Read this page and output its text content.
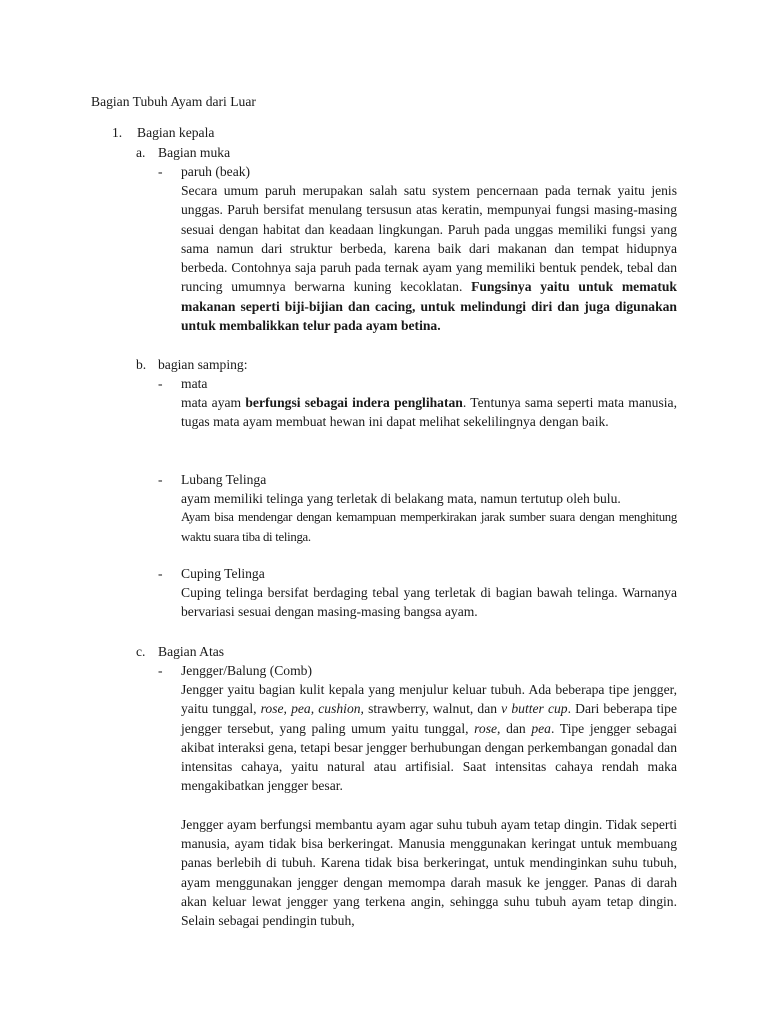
Bagian Tubuh Ayam dari Luar
1. Bagian kepala
a. Bagian muka
- paruh (beak)
Secara umum paruh merupakan salah satu system pencernaan pada ternak yaitu jenis unggas. Paruh bersifat menulang tersusun atas keratin, mempunyai fungsi masing-masing sesuai dengan habitat dan keadaan lingkungan. Paruh pada unggas memiliki fungsi yang sama namun dari struktur berbeda, karena baik dari makanan dan tempat hidupnya berbeda. Contohnya saja paruh pada ternak ayam yang memiliki bentuk pendek, tebal dan runcing umumnya berwarna kuning kecoklatan. Fungsinya yaitu untuk mematuk makanan seperti biji-bijian dan cacing, untuk melindungi diri dan juga digunakan untuk membalikkan telur pada ayam betina.
b. bagian samping:
- mata
mata ayam berfungsi sebagai indera penglihatan. Tentunya sama seperti mata manusia, tugas mata ayam membuat hewan ini dapat melihat sekelilingnya dengan baik.
- Lubang Telinga

ayam memiliki telinga yang terletak di belakang mata, namun tertutup oleh bulu.

Ayam bisa mendengar dengan kemampuan memperkirakan jarak sumber suara dengan menghitung waktu suara tiba di telinga.

- Cuping Telinga
Cuping telinga bersifat berdaging tebal yang terletak di bagian bawah telinga. Warnanya bervariasi sesuai dengan masing-masing bangsa ayam.
c. Bagian Atas
- Jengger/Balung (Comb)

Jengger yaitu bagian kulit kepala yang menjulur keluar tubuh. Ada beberapa tipe jengger, yaitu tunggal, rose, pea, cushion, strawberry, walnut, dan v butter cup. Dari beberapa tipe jengger tersebut, yang paling umum yaitu tunggal, rose, dan pea. Tipe jengger sebagai akibat interaksi gena, tetapi besar jengger berhubungan dengan perkembangan gonadal dan intensitas cahaya, yaitu natural atau artifisial. Saat intensitas cahaya rendah maka mengakibatkan jengger besar.

Jengger ayam berfungsi membantu ayam agar suhu tubuh ayam tetap dingin. Tidak seperti manusia, ayam tidak bisa berkeringat. Manusia menggunakan keringat untuk membuang panas berlebih di tubuh. Karena tidak bisa berkeringat, untuk mendinginkan suhu tubuh, ayam menggunakan jengger dengan memompa darah masuk ke jengger. Panas di darah akan keluar lewat jengger yang terkena angin, sehingga suhu tubuh ayam tetap dingin. Selain sebagai pendingin tubuh,
